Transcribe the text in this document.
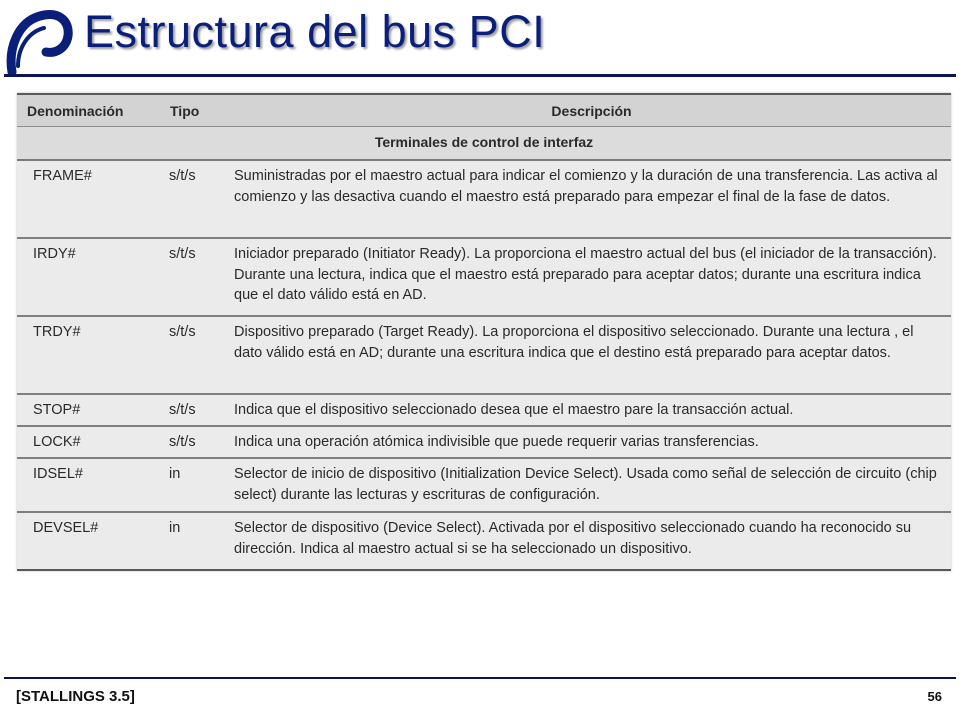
Estructura del bus PCI
Denominación	Tipo	Descripción
Terminales de control de interfaz		
FRAME#	s/t/s	Suministradas por el maestro actual para indicar el comienzo y la duración de una transferencia. Las activa al comienzo y las desactiva cuando el maestro está preparado para empezar el final de la fase de datos.
IRDY#	s/t/s	Iniciador preparado (Initiator Ready). La proporciona el maestro actual del bus (el iniciador de la transacción). Durante una lectura, indica que el maestro está preparado para aceptar datos; durante una escritura indica que el dato válido está en AD.
TRDY#	s/t/s	Dispositivo preparado (Target Ready). La proporciona el dispositivo seleccionado. Durante una lectura , el dato válido está en AD; durante una escritura indica que el destino está preparado para aceptar datos.
STOP#	s/t/s	Indica que el dispositivo seleccionado desea que el maestro pare la transacción actual.
LOCK#	s/t/s	Indica una operación atómica indivisible que puede requerir varias transferencias.
IDSEL#	in	Selector de inicio de dispositivo (Initialization Device Select). Usada como señal de selección de circuito (chip select) durante las lecturas y escrituras de configuración.
DEVSEL#	in	Selector de dispositivo (Device Select). Activada por el dispositivo seleccionado cuando ha reconocido su dirección. Indica al maestro actual si se ha seleccionado un dispositivo.
[STALLINGS 3.5]	56
